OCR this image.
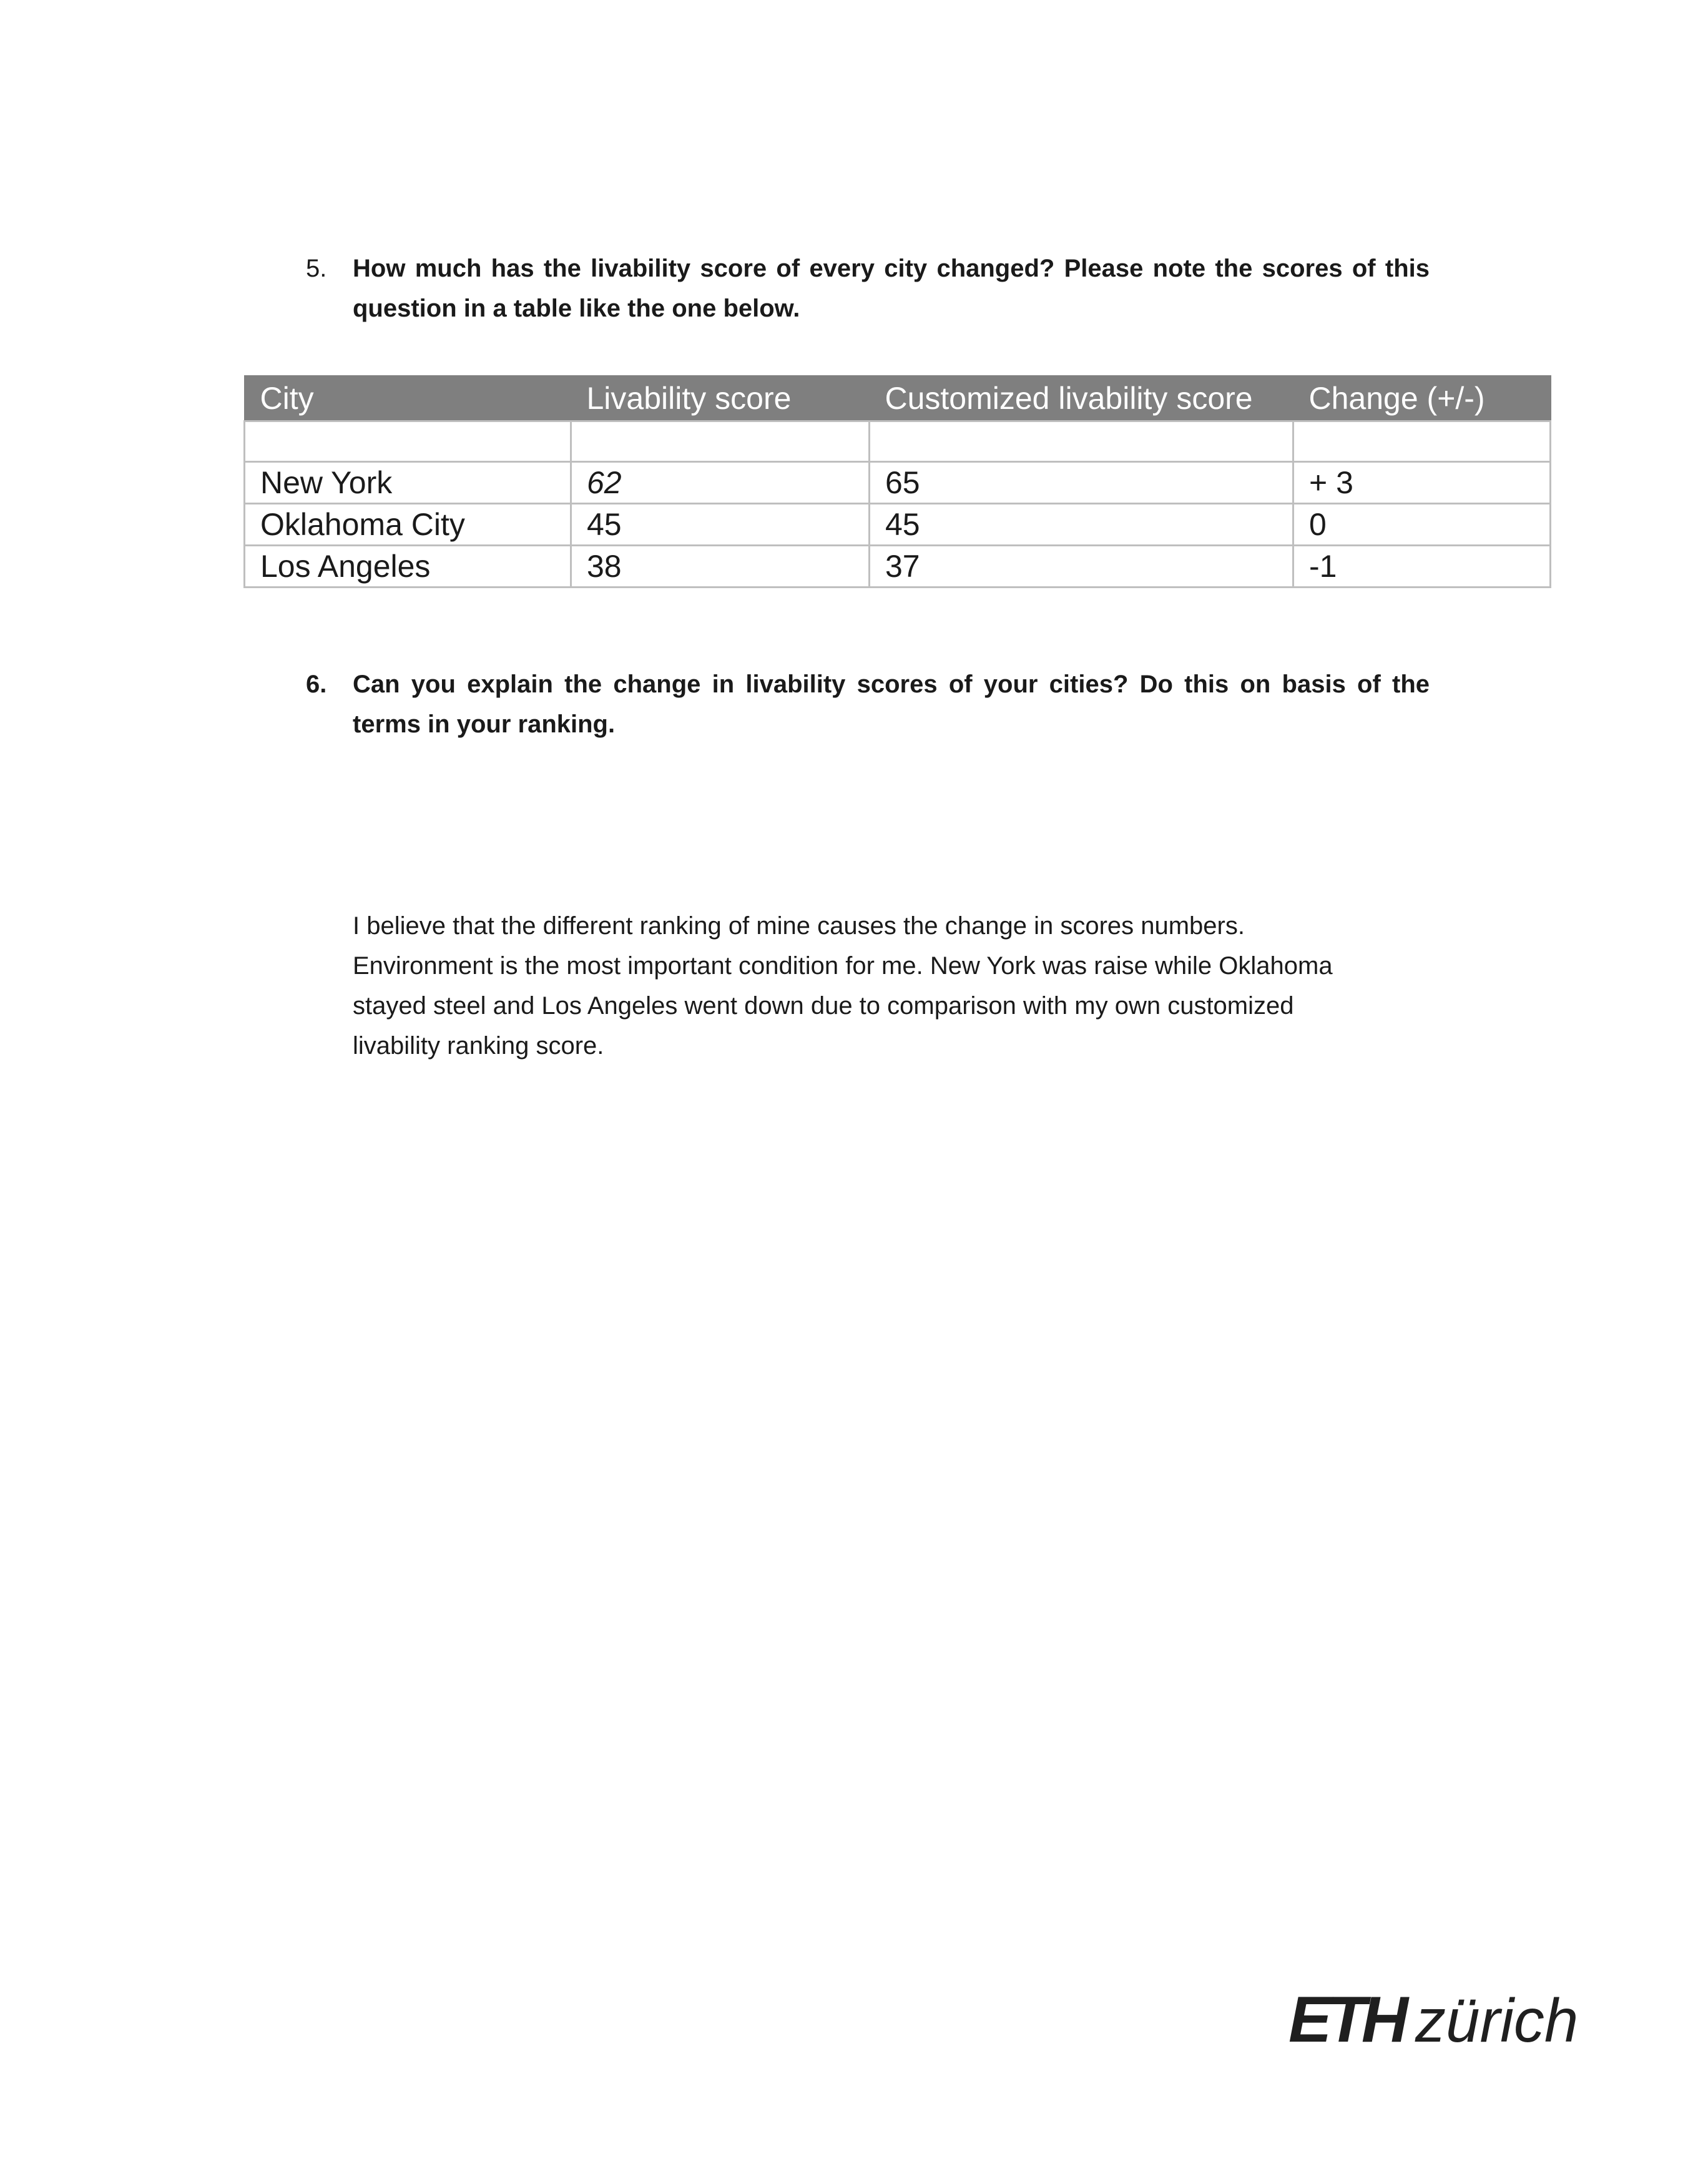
5. How much has the livability score of every city changed? Please note the scores of this question in a table like the one below.
City	Livability score	Customized livability score	Change (+/-)

New York	62	65	+ 3
Oklahoma City	45	45	0
Los Angeles	38	37	-1
6. Can you explain the change in livability scores of your cities? Do this on basis of the terms in your ranking.
I believe that the different ranking of mine causes the change in scores numbers.
Environment is the most important condition for me. New York was raise while Oklahoma
stayed steel and Los Angeles went down due to comparison with my own customized
livability ranking score.
ETH zürich
